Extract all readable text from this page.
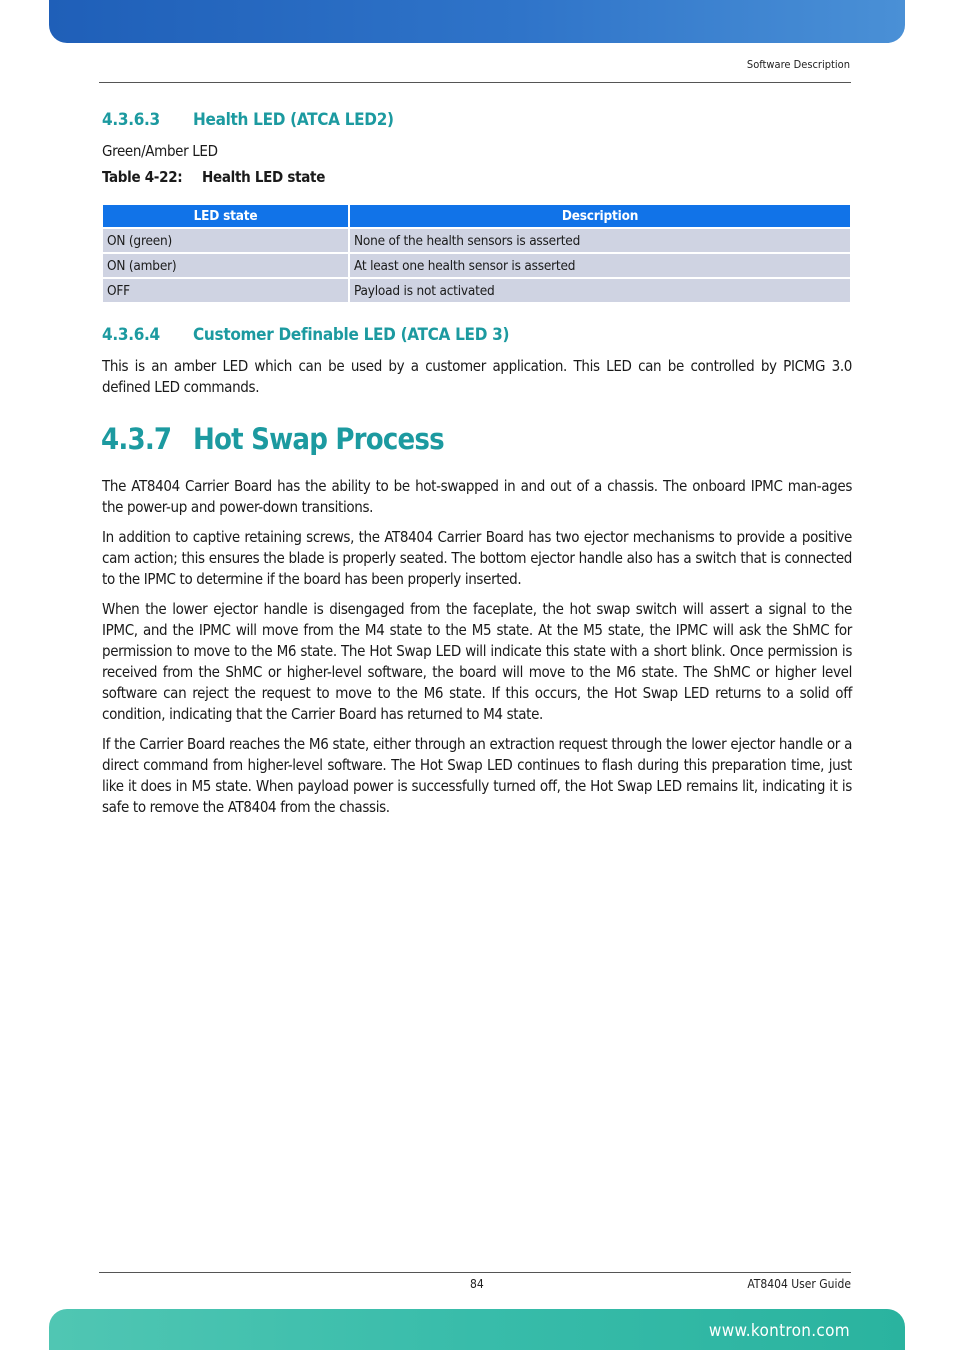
Software Description
4.3.6.3 Health LED (ATCA LED2)
Green/Amber LED
Table 4-22: Health LED state
LED state	Description
ON (green)	None of the health sensors is asserted
ON (amber)	At least one health sensor is asserted
OFF	Payload is not activated
4.3.6.4 Customer Definable LED (ATCA LED 3)
This is an amber LED which can be used by a customer application. This LED can be controlled by PICMG 3.0 defined LED commands.
4.3.7 Hot Swap Process
The AT8404 Carrier Board has the ability to be hot-swapped in and out of a chassis. The onboard IPMC man-ages the power-up and power-down transitions.
In addition to captive retaining screws, the AT8404 Carrier Board has two ejector mechanisms to provide a positive cam action; this ensures the blade is properly seated. The bottom ejector handle also has a switch that is connected to the IPMC to determine if the board has been properly inserted.
When the lower ejector handle is disengaged from the faceplate, the hot swap switch will assert a signal to the IPMC, and the IPMC will move from the M4 state to the M5 state. At the M5 state, the IPMC will ask the ShMC for permission to move to the M6 state. The Hot Swap LED will indicate this state with a short blink. Once permission is received from the ShMC or higher-level software, the board will move to the M6 state. The ShMC or higher level software can reject the request to move to the M6 state. If this occurs, the Hot Swap LED returns to a solid off condition, indicating that the Carrier Board has returned to M4 state.
If the Carrier Board reaches the M6 state, either through an extraction request through the lower ejector handle or a direct command from higher-level software. The Hot Swap LED continues to flash during this preparation time, just like it does in M5 state. When payload power is successfully turned off, the Hot Swap LED remains lit, indicating it is safe to remove the AT8404 from the chassis.
84	AT8404 User Guide
www.kontron.com
